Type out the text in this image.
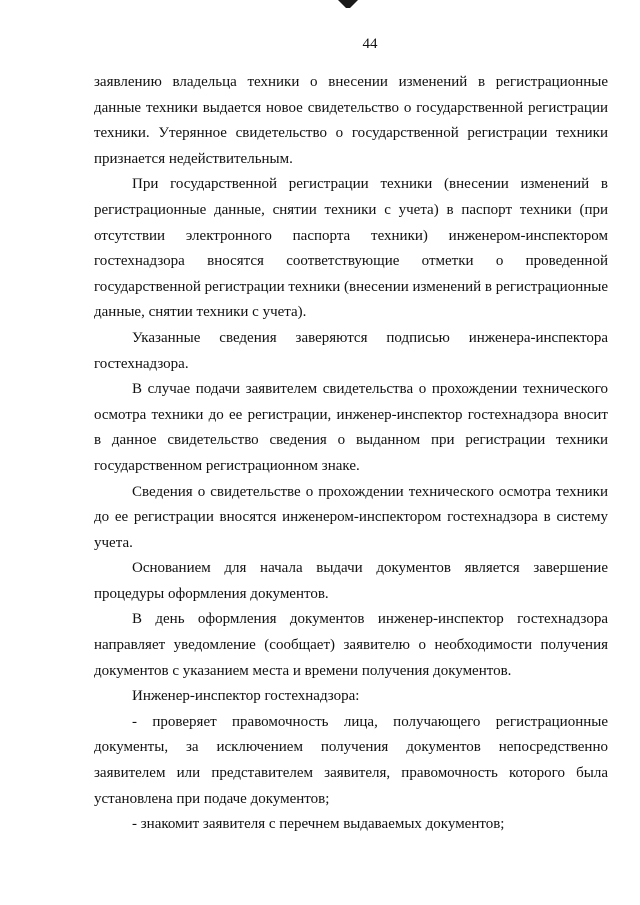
44

заявлению владельца техники о внесении изменений в регистрационные данные техники выдается новое свидетельство о государственной регистрации техники. Утерянное свидетельство о государственной регистрации техники признается недействительным.

При государственной регистрации техники (внесении изменений в регистрационные данные, снятии техники с учета) в паспорт техники (при отсутствии электронного паспорта техники) инженером-инспектором гостехнадзора вносятся соответствующие отметки о проведенной государственной регистрации техники (внесении изменений в регистрационные данные, снятии техники с учета).

Указанные сведения заверяются подписью инженера-инспектора гостехнадзора.

В случае подачи заявителем свидетельства о прохождении технического осмотра техники до ее регистрации, инженер-инспектор гостехнадзора вносит в данное свидетельство сведения о выданном при регистрации техники государственном регистрационном знаке.

Сведения о свидетельстве о прохождении технического осмотра техники до ее регистрации вносятся инженером-инспектором гостехнадзора в систему учета.

Основанием для начала выдачи документов является завершение процедуры оформления документов.

В день оформления документов инженер-инспектор гостехнадзора направляет уведомление (сообщает) заявителю о необходимости получения документов с указанием места и времени получения документов.

Инженер-инспектор гостехнадзора:

- проверяет правомочность лица, получающего регистрационные документы, за исключением получения документов непосредственно заявителем или представителем заявителя, правомочность которого была установлена при подаче документов;

- знакомит заявителя с перечнем выдаваемых документов;
